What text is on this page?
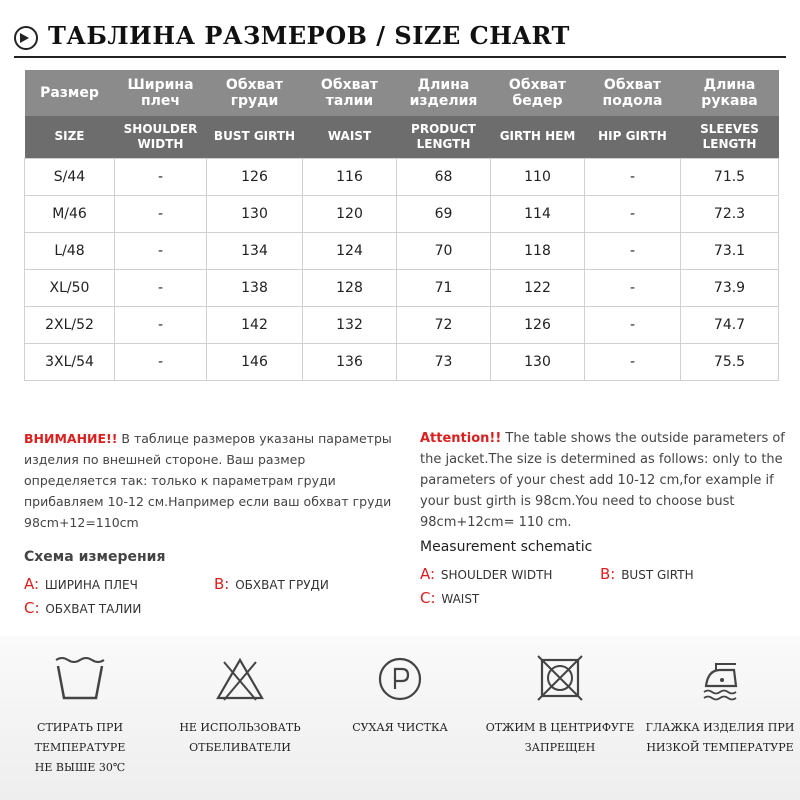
ТАБЛИНА РАЗМЕРОВ / SIZE CHART
Размер	Ширина плеч	Обхват груди	Обхват талии	Длина изделия	Обхват бедер	Обхват подола	Длина рукава
SIZE	SHOULDER WIDTH	BUST GIRTH	WAIST	PRODUCT LENGTH	GIRTH HEM	HIP GIRTH	SLEEVES LENGTH
S/44	-	126	116	68	110	-	71.5
M/46	-	130	120	69	114	-	72.3
L/48	-	134	124	70	118	-	73.1
XL/50	-	138	128	71	122	-	73.9
2XL/52	-	142	132	72	126	-	74.7
3XL/54	-	146	136	73	130	-	75.5
ВНИМАНИЕ!! В таблице размеров указаны параметры изделия по внешней стороне. Ваш размер определяется так: только к параметрам груди прибавляем 10-12 см.Например если ваш обхват груди 98cm+12=110cm
Схема измерения
A: ШИРИНА ПЛЕЧ	B: ОБХВАТ ГРУДИ
C: ОБХВАТ ТАЛИИ
Attention!! The table shows the outside parameters of the jacket.The size is determined as follows: only to the parameters of your chest add 10-12 cm,for example if your bust girth is 98cm.You need to choose bust 98cm+12cm= 110 cm.
Measurement schematic
A: SHOULDER WIDTH	B: BUST GIRTH
C: WAIST
СТИРАТЬ ПРИ ТЕМПЕРАТУРЕ
НЕ ВЫШЕ 30℃
НЕ ИСПОЛЬЗОВАТЬ
ОТБЕЛИВАТЕЛИ
СУХАЯ ЧИСТКА	ОТЖИМ В ЦЕНТРИФУГЕ
ЗАПРЕЩЕН
ГЛАЖКА ИЗДЕЛИЯ ПРИ
НИЗКОЙ ТЕМПЕРАТУРЕ
